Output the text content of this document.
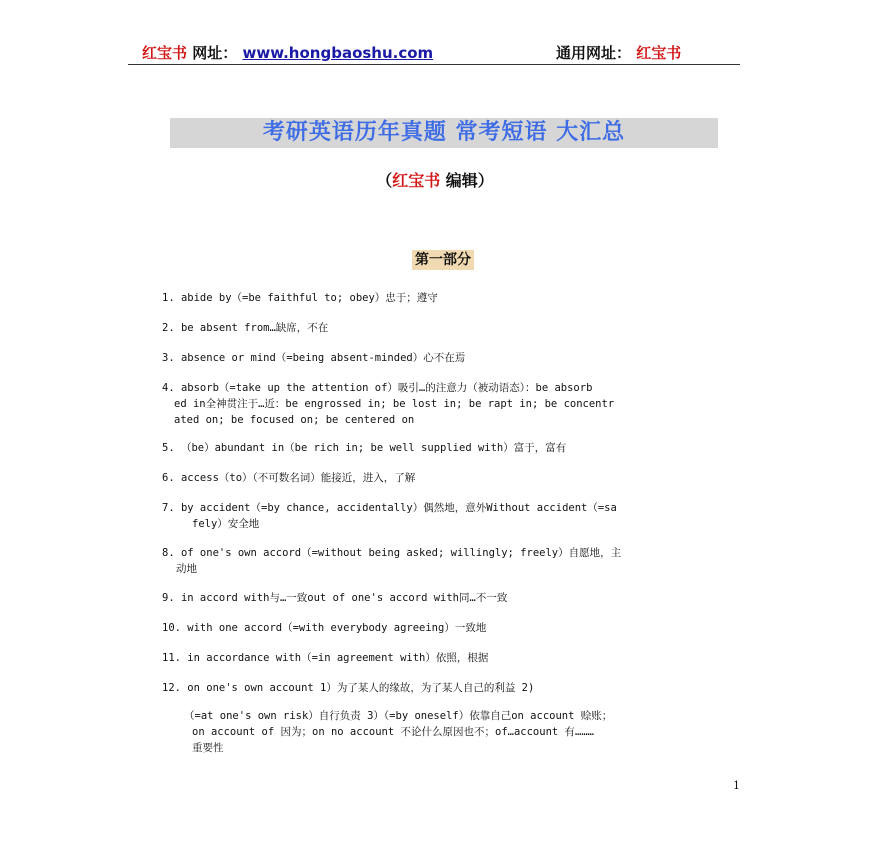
红宝书 网址： www.hongbaoshu.com	通用网址： 红宝书
考研英语历年真题 常考短语 大汇总
（红宝书 编辑）
第一部分
1. abide by（=be faithful to; obey）忠于；遵守
2. be absent from…缺席，不在
3. absence or mind（=being absent-minded）心不在焉
4. absorb（=take up the attention of）吸引…的注意力（被动语态）：be absorb
ed in全神贯注于…近：be engrossed in; be lost in; be rapt in; be concentr
ated on; be focused on; be centered on
5. （be）abundant in（be rich in; be well supplied with）富于，富有
6. access（to）（不可数名词）能接近，进入，了解
7. by accident（=by chance, accidentally）偶然地，意外Without accident（=sa
fely）安全地
8. of one's own accord（=without being asked; willingly; freely）自愿地，主
动地
9. in accord with与…一致out of one's accord with同…不一致
10. with one accord（=with everybody agreeing）一致地
11. in accordance with（=in agreement with）依照，根据
12. on one's own account 1）为了某人的缘故，为了某人自己的利益 2)
（=at one's own risk）自行负责 3）（=by oneself）依靠自己on account 赊账；
on account of 因为；on no account 不论什么原因也不；of…account 有………
重要性
1
